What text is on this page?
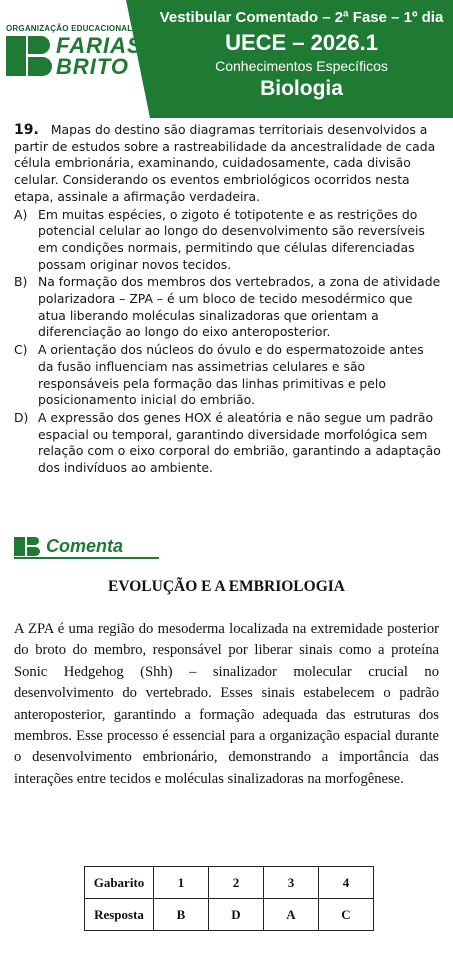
ORGANIZAÇÃO EDUCACIONAL
FARIAS
BRITO
Vestibular Comentado – 2ª Fase – 1º dia
UECE – 2026.1
Conhecimentos Específicos
Biologia

19. Mapas do destino são diagramas territoriais desenvolvidos a partir de estudos sobre a rastreabilidade da ancestralidade de cada célula embrionária, examinando, cuidadosamente, cada divisão celular. Considerando os eventos embriológicos ocorridos nesta etapa, assinale a afirmação verdadeira.

A) Em muitas espécies, o zigoto é totipotente e as restrições do potencial celular ao longo do desenvolvimento são reversíveis em condições normais, permitindo que células diferenciadas possam originar novos tecidos.
B) Na formação dos membros dos vertebrados, a zona de atividade polarizadora – ZPA – é um bloco de tecido mesodérmico que atua liberando moléculas sinalizadoras que orientam a diferenciação ao longo do eixo anteroposterior.
C) A orientação dos núcleos do óvulo e do espermatozoide antes da fusão influenciam nas assimetrias celulares e são responsáveis pela formação das linhas primitivas e pelo posicionamento inicial do embrião.
D) A expressão dos genes HOX é aleatória e não segue um padrão espacial ou temporal, garantindo diversidade morfológica sem relação com o eixo corporal do embrião, garantindo a adaptação dos indivíduos ao ambiente.
Comenta
EVOLUÇÃO E A EMBRIOLOGIA
A ZPA é uma região do mesoderma localizada na extremidade posterior do broto do membro, responsável por liberar sinais como a proteína Sonic Hedgehog (Shh) – sinalizador molecular crucial no desenvolvimento do vertebrado. Esses sinais estabelecem o padrão anteroposterior, garantindo a formação adequada das estruturas dos membros. Esse processo é essencial para a organização espacial durante o desenvolvimento embrionário, demonstrando a importância das interações entre tecidos e moléculas sinalizadoras na morfogênese.
Gabarito	1	2	3	4
Resposta	B	D	A	C
